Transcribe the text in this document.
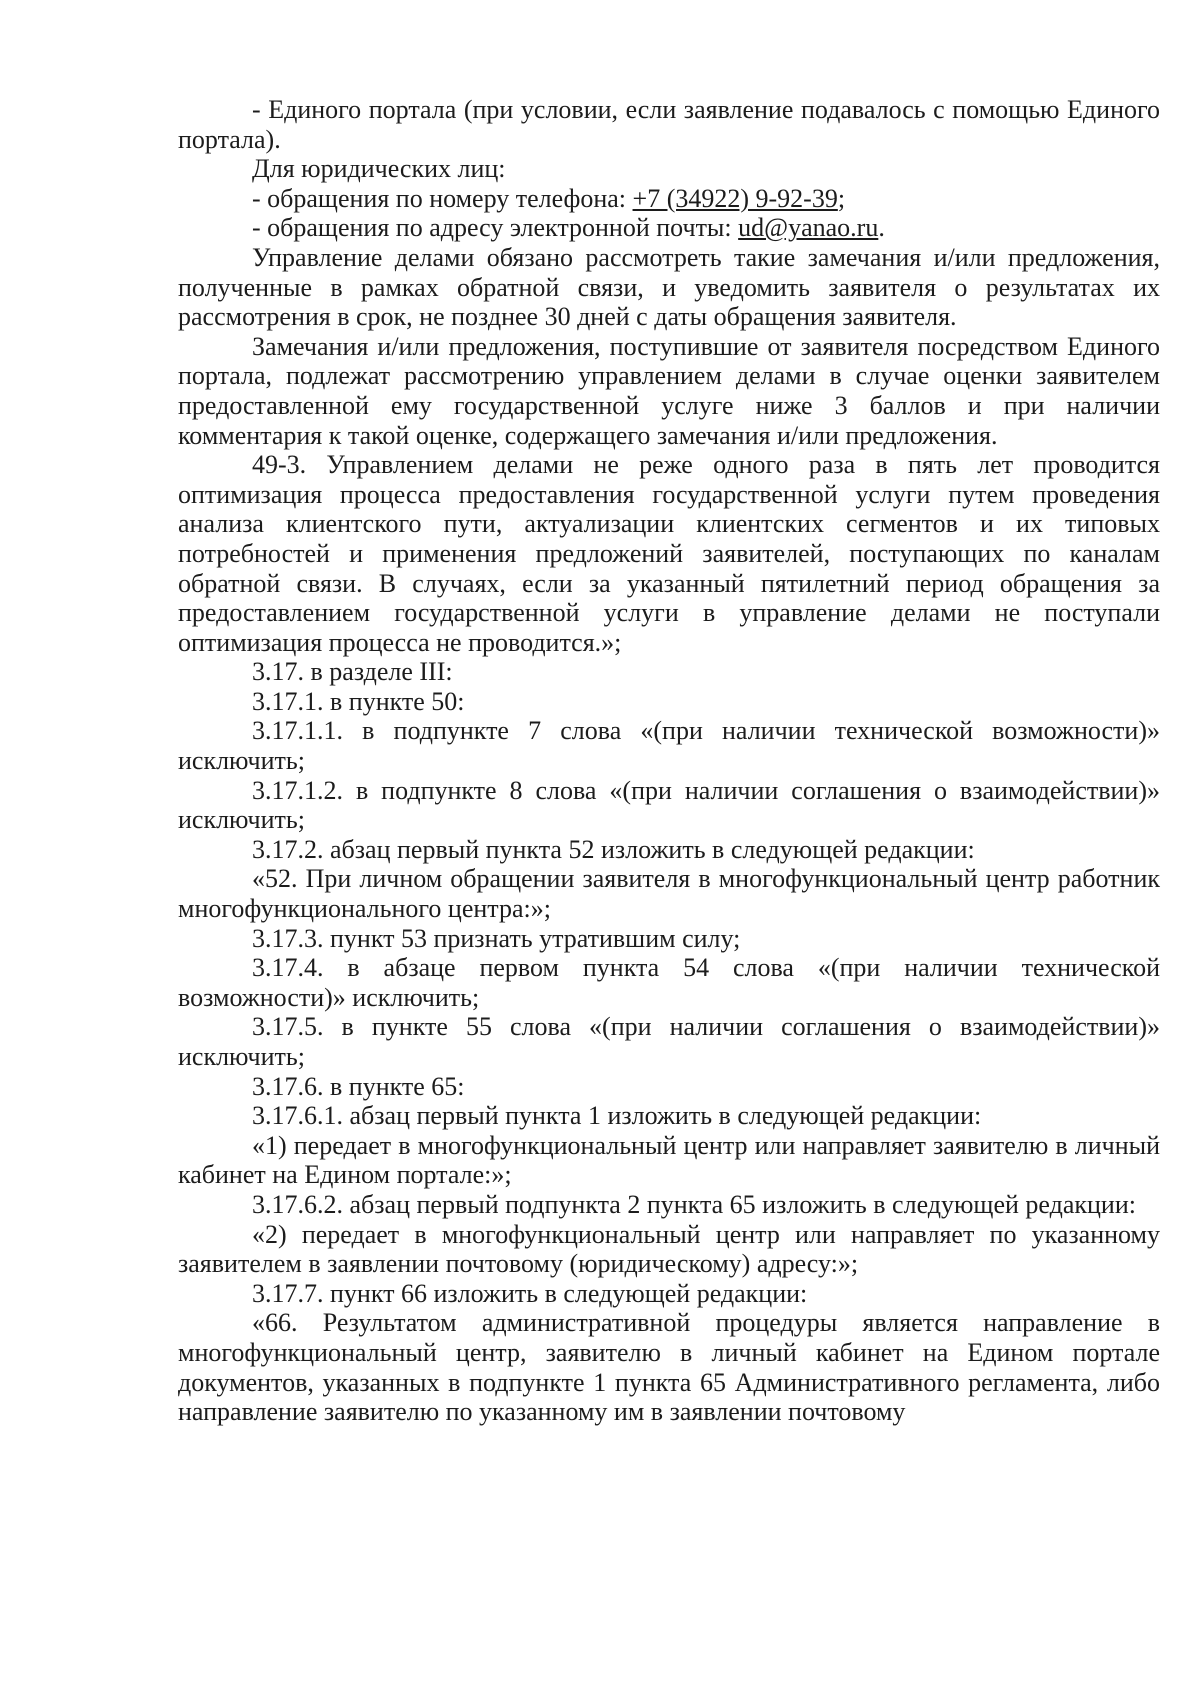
- Единого портала (при условии, если заявление подавалось с помощью Единого портала).

Для юридических лиц:

- обращения по номеру телефона: +7 (34922) 9-92-39;

- обращения по адресу электронной почты: ud@yanao.ru.

Управление делами обязано рассмотреть такие замечания и/или предложения, полученные в рамках обратной связи, и уведомить заявителя о результатах их рассмотрения в срок, не позднее 30 дней с даты обращения заявителя.

Замечания и/или предложения, поступившие от заявителя посредством Единого портала, подлежат рассмотрению управлением делами в случае оценки заявителем предоставленной ему государственной услуге ниже 3 баллов и при наличии комментария к такой оценке, содержащего замечания и/или предложения.

49-3. Управлением делами не реже одного раза в пять лет проводится оптимизация процесса предоставления государственной услуги путем проведения анализа клиентского пути, актуализации клиентских сегментов и их типовых потребностей и применения предложений заявителей, поступающих по каналам обратной связи. В случаях, если за указанный пятилетний период обращения за предоставлением государственной услуги в управление делами не поступали оптимизация процесса не проводится.»;

3.17. в разделе III:

3.17.1. в пункте 50:

3.17.1.1. в подпункте 7 слова «(при наличии технической возможности)» исключить;

3.17.1.2. в подпункте 8 слова «(при наличии соглашения о взаимодействии)» исключить;

3.17.2. абзац первый пункта 52 изложить в следующей редакции:

«52. При личном обращении заявителя в многофункциональный центр работник многофункционального центра:»;

3.17.3. пункт 53 признать утратившим силу;

3.17.4. в абзаце первом пункта 54 слова «(при наличии технической возможности)» исключить;

3.17.5. в пункте 55 слова «(при наличии соглашения о взаимодействии)» исключить;

3.17.6. в пункте 65:

3.17.6.1. абзац первый пункта 1 изложить в следующей редакции:

«1) передает в многофункциональный центр или направляет заявителю в личный кабинет на Едином портале:»;

3.17.6.2. абзац первый подпункта 2 пункта 65 изложить в следующей редакции:

«2) передает в многофункциональный центр или направляет по указанному заявителем в заявлении почтовому (юридическому) адресу:»;

3.17.7. пункт 66 изложить в следующей редакции:

«66. Результатом административной процедуры является направление в многофункциональный центр, заявителю в личный кабинет на Едином портале документов, указанных в подпункте 1 пункта 65 Административного регламента, либо направление заявителю по указанному им в заявлении почтовому
